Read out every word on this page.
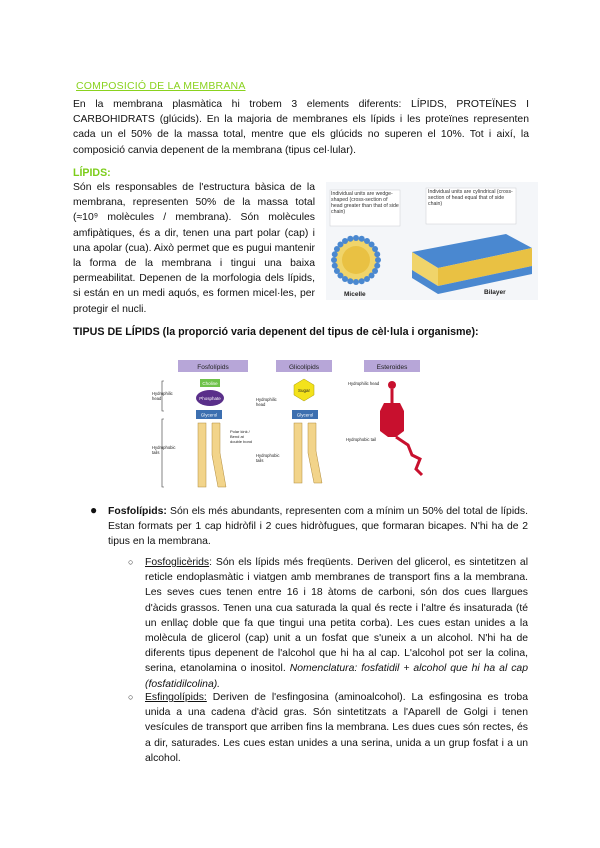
COMPOSICIÓ DE LA MEMBRANA
En la membrana plasmàtica hi trobem 3 elements diferents: LÍPIDS, PROTEÏNES I CARBOHIDRATS (glúcids). En la majoria de membranes els lípids i les proteïnes representen cada un el 50% de la massa total, mentre que els glúcids no superen el 10%. Tot i així, la composició canvia depenent de la membrana (tipus cel·lular).
LÍPIDS:
Són els responsables de l'estructura bàsica de la membrana, representen 50% de la massa total (≈10⁹ molècules / membrana). Són molècules amfipàtiques, és a dir, tenen una part polar (cap) i una apolar (cua). Això permet que es pugui mantenir la forma de la membrana i tingui una baixa permeabilitat. Depenen de la morfologia dels lípids, si están en un medi aquós, es formen micel·les, per protegir el nucli.
Individual units are wedge-shaped (cross-section of head greater than that of side chain)
Individual units are cylindrical (cross-section of head equal that of side chain)
Micelle	Bilayer
TIPUS DE LÍPIDS (la proporció varia depenent del tipus de cèl·lula i organisme):
Fosfolípids	Glicolípids	Esteroides
Choline
Phosphate
Glycerol
Hydrophilic head
Hydrophobic tails
Polar kink / Bend at double bond
Sugar
Glycerol
Hydrophilic head
Hydrophobic tails
Hydrophilic head
Hydrophobic tail
● Fosfolípids: Són els més abundants, representen com a mínim un 50% del total de lípids. Estan formats per 1 cap hidròfil i 2 cues hidròfugues, que formaran bicapes. N'hi ha de 2 tipus en la membrana.
○ Fosfoglicèrids: Són els lípids més freqüents. Deriven del glicerol, es sintetitzen al reticle endoplasmàtic i viatgen amb membranes de transport fins a la membrana. Les seves cues tenen entre 16 i 18 àtoms de carboni, són dos cues llargues d'àcids grassos. Tenen una cua saturada la qual és recte i l'altre és insaturada (té un enllaç doble que fa que tingui una petita corba). Les cues estan unides a la molècula de glicerol (cap) unit a un fosfat que s'uneix a un alcohol. N'hi ha de diferents tipus depenent de l'alcohol que hi ha al cap. L'alcohol pot ser la colina, serina, etanolamina o inositol. Nomenclatura: fosfatidil + alcohol que hi ha al cap (fosfatidilcolina).
○ Esfingolípids: Deriven de l'esfingosina (aminoalcohol). La esfingosina es troba unida a una cadena d'àcid gras. Són sintetitzats a l'Aparell de Golgi i tenen vesícules de transport que arriben fins la membrana. Les dues cues són rectes, és a dir, saturades. Les cues estan unides a una serina, unida a un grup fosfat i a un alcohol.
